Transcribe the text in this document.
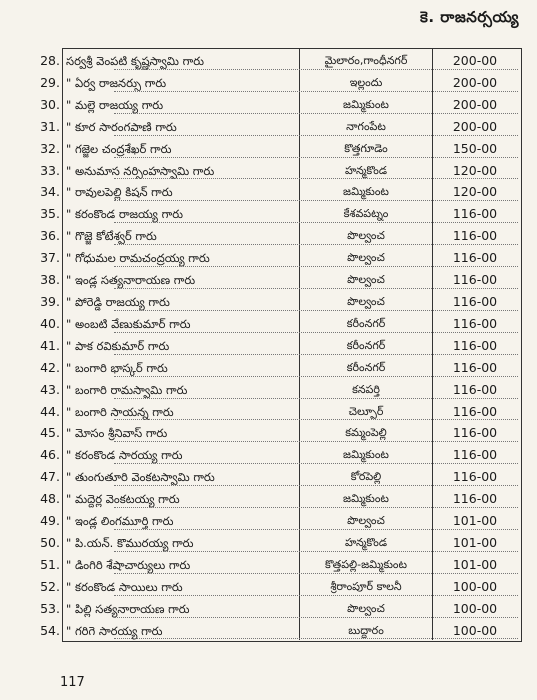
కె. రాజనర్సయ్య
28. సర్వశ్రీ వెంపటి కృష్ణస్వామి గారు	మైలారం,గాంధీనగర్	200-00
29. " ఏర్వ రాజనర్సు గారు	ఇల్లందు	200-00
30. " మల్లె రాజయ్య గారు	జమ్మికుంట	200-00
31. " కూర సారంగపాణి గారు	నాగంపేట	200-00
32. " గజ్జెల చంద్రశేఖర్ గారు	కొత్తగూడెం	150-00
33. " అనుమాస నర్సింహస్వామి గారు	హన్మకొండ	120-00
34. " రావులపెల్లి కిషన్ గారు	జమ్మికుంట	120-00
35. " కరంకొండ రాజయ్య గారు	కేశవపట్నం	116-00
36. " గొజ్జె కోటేశ్వర్ గారు	పొల్వంచ	116-00
37. " గోధుమల రామచంద్రయ్య గారు	పొల్వంచ	116-00
38. " ఇండ్ల సత్యనారాయణ గారు	పొల్వంచ	116-00
39. " పోరెడ్డి రాజయ్య గారు	పొల్వంచ	116-00
40. " అంబటి వేణుకుమార్ గారు	కరీంనగర్	116-00
41. " పాక రవికుమార్ గారు	కరీంనగర్	116-00
42. " బంగారి భాస్కర్ గారు	కరీంనగర్	116-00
43. " బంగారి రామస్వామి గారు	కనపర్తి	116-00
44. " బంగారి సాయన్న గారు	చెల్పూర్	116-00
45. " మోసం శ్రీనివాస్ గారు	కమ్మంపెల్లి	116-00
46. " కరంకొండ సారయ్య గారు	జమ్మికుంట	116-00
47. " తుంగుతూరి వెంకటస్వామి గారు	కోరపెల్లి	116-00
48. " మద్దెర్ల వెంకటయ్య గారు	జమ్మికుంట	116-00
49. " ఇండ్ల లింగమూర్తి గారు	పొల్వంచ	101-00
50. " పి.యన్. కొమురయ్య గారు	హన్మకొండ	101-00
51. " డింగిరి శేషాచార్యులు గారు	కొత్తపల్లి-జమ్మికుంట	101-00
52. " కరంకొండ సాయిలు గారు	శ్రీరాంపూర్ కాలనీ	100-00
53. " పిల్లి సత్యనారాయణ గారు	పొల్వంచ	100-00
54. " గరిగె సారయ్య గారు	బుద్దారం	100-00
117
